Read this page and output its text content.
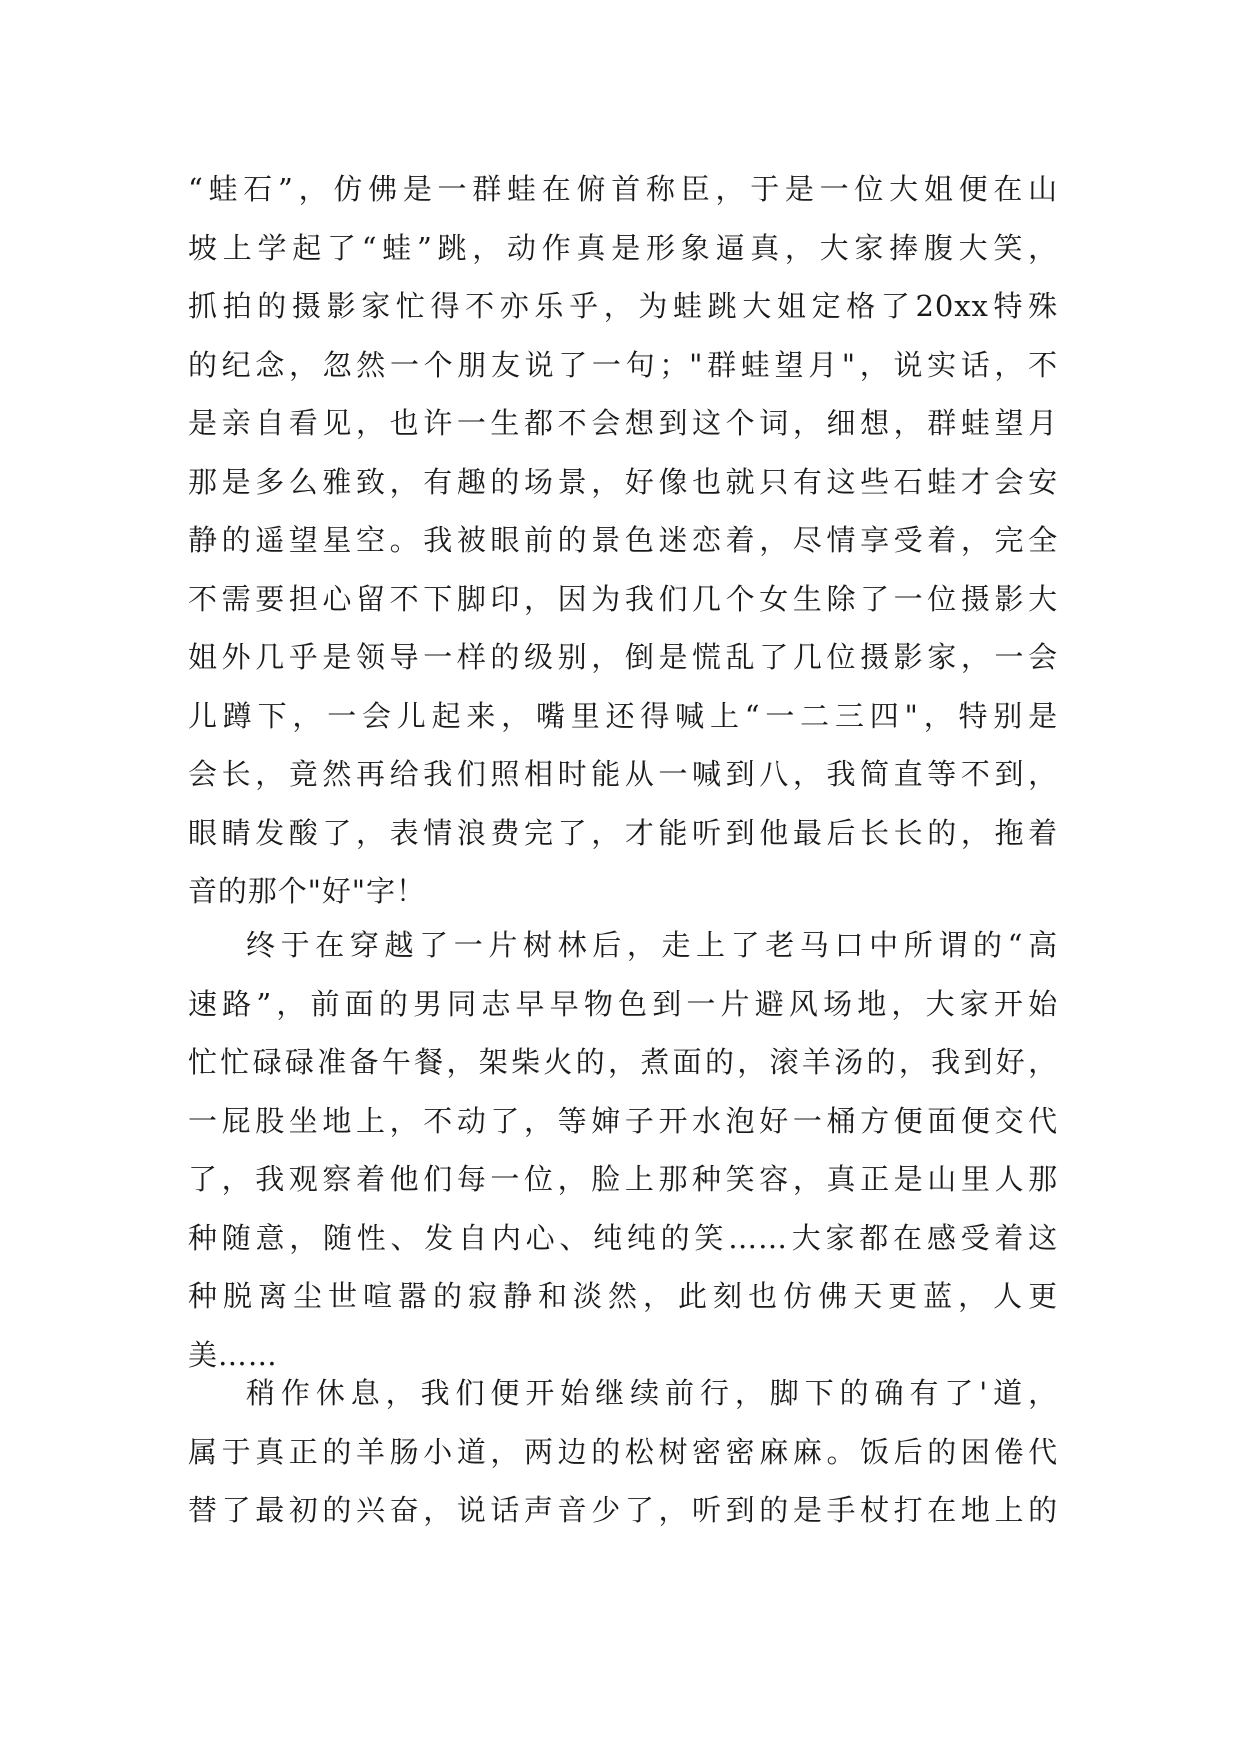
“蛙石”，仿佛是一群蛙在俯首称臣，于是一位大姐便在山
坡上学起了“蛙”跳，动作真是形象逼真，大家捧腹大笑，
抓拍的摄影家忙得不亦乐乎，为蛙跳大姐定格了20xx特殊
的纪念，忽然一个朋友说了一句；"群蛙望月"，说实话，不
是亲自看见，也许一生都不会想到这个词，细想，群蛙望月
那是多么雅致，有趣的场景，好像也就只有这些石蛙才会安
静的遥望星空。我被眼前的景色迷恋着，尽情享受着，完全
不需要担心留不下脚印，因为我们几个女生除了一位摄影大
姐外几乎是领导一样的级别，倒是慌乱了几位摄影家，一会
儿蹲下，一会儿起来，嘴里还得喊上“一二三四"，特别是
会长，竟然再给我们照相时能从一喊到八，我简直等不到，
眼睛发酸了，表情浪费完了，才能听到他最后长长的，拖着
音的那个"好"字！
终于在穿越了一片树林后，走上了老马口中所谓的“高
速路”，前面的男同志早早物色到一片避风场地，大家开始
忙忙碌碌准备午餐，架柴火的，煮面的，滚羊汤的，我到好，
一屁股坐地上，不动了，等婶子开水泡好一桶方便面便交代
了，我观察着他们每一位，脸上那种笑容，真正是山里人那
种随意，随性、发自内心、纯纯的笑……大家都在感受着这
种脱离尘世喧嚣的寂静和淡然，此刻也仿佛天更蓝，人更
美……
稍作休息，我们便开始继续前行，脚下的确有了'道，
属于真正的羊肠小道，两边的松树密密麻麻。饭后的困倦代
替了最初的兴奋，说话声音少了，听到的是手杖打在地上的
